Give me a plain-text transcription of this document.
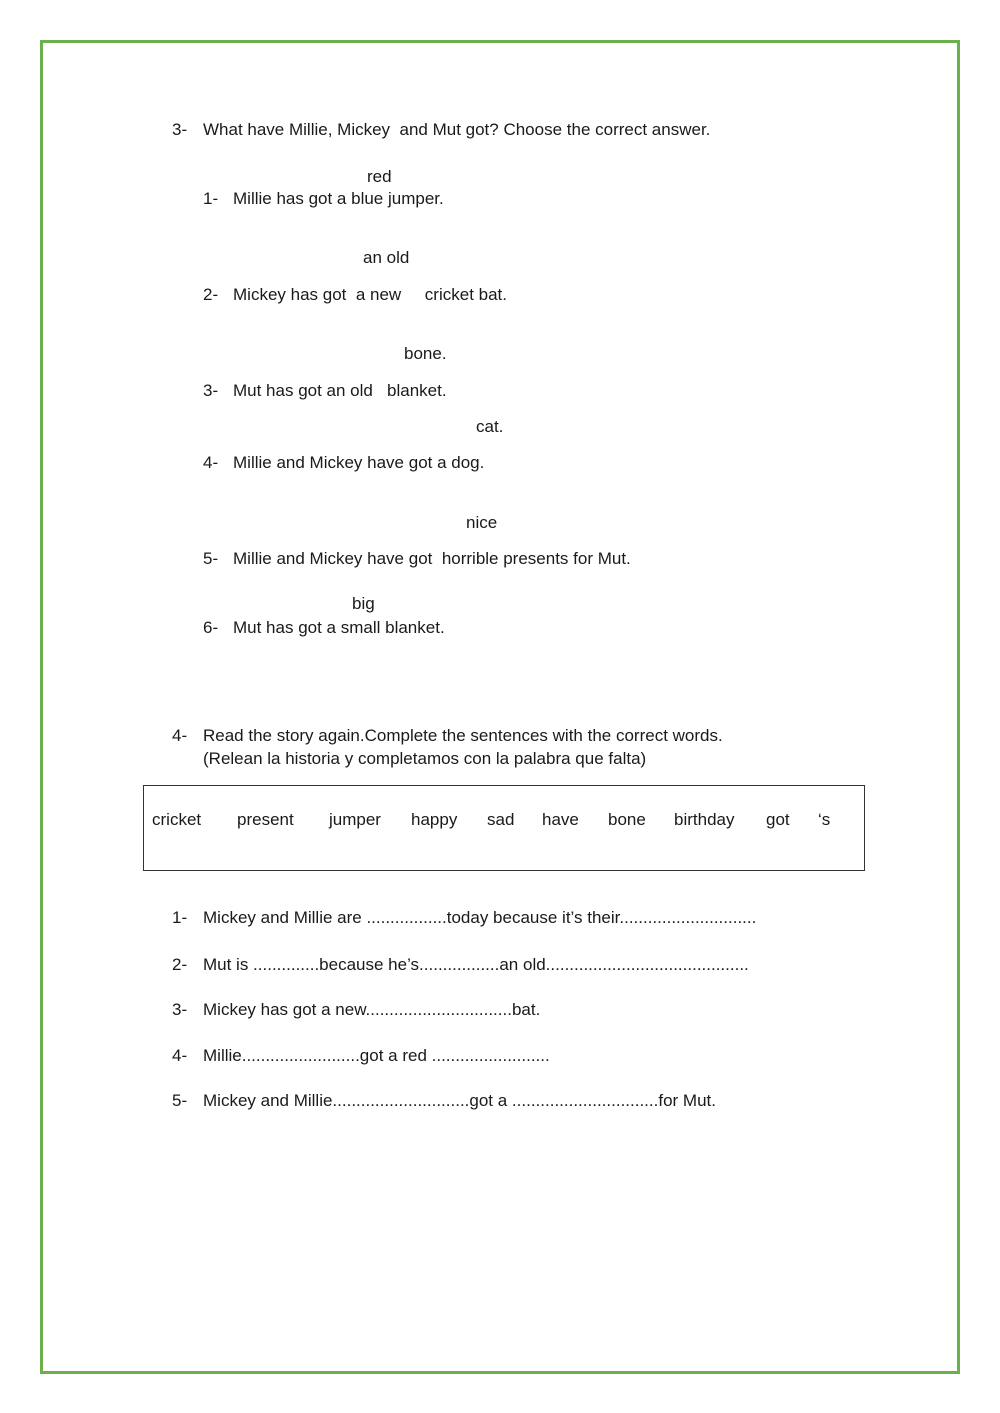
3- What have Millie, Mickey  and Mut got? Choose the correct answer.
red
1- Millie has got a blue jumper.
an old
2- Mickey has got  a new     cricket bat.
bone.
3- Mut has got an old   blanket.
cat.
4- Millie and Mickey have got a dog.
nice
5- Millie and Mickey have got  horrible presents for Mut.
big
6- Mut has got a small blanket.
4- Read the story again.Complete the sentences with the correct words.
(Relean la historia y completamos con la palabra que falta)
cricket present jumper happy sad have bone birthday got ‘s
1- Mickey and Millie are .................today because it’s their.............................
2- Mut is ..............because he’s.................an old...........................................
3- Mickey has got a new...............................bat.
4- Millie.........................got a red .........................
5- Mickey and Millie.............................got a ...............................for Mut.
